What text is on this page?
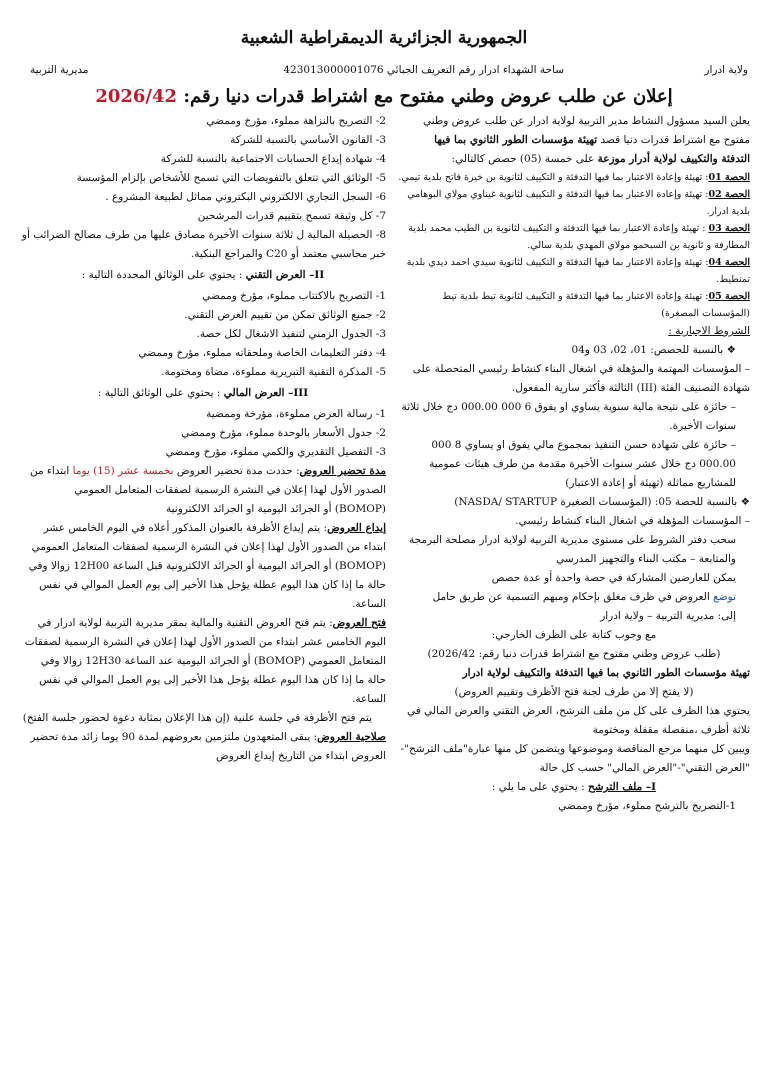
الجمهورية الجزائرية الديمقراطية الشعبية
ولاية ادرار
ساحة الشهداء ادرار رقم التعريف الجبائي 423013000001076
مديرية التربية
إعلان عن طلب عروض وطني مفتوح مع اشتراط قدرات دنيا رقم: 2026/42

يعلن السيد مسؤول النشاط مدير التربية لولاية ادرار عن طلب عروض وطني

مفتوح مع اشتراط قدرات دنيا قصد تهيئة مؤسسات الطور الثانوي بما فيها

التدفئة والتكييف لولاية أدرار موزعة على خمسة (05) حصص كالتالي:

الحصة 01: تهيئة وإعادة الاعتبار بما فيها التدفئة و التكييف لثانوية بن خيرة فاتح بلدية تيمي.

الحصة 02: تهيئة وإعادة الاعتبار بما فيها التدفئة و التكييف لثانوية غيناوي مولاي البوهامي بلدية ادرار.

الحصة 03 : تهيئة وإعادة الاعتبار بما فيها التدفئة و التكييف لثانوية بن الطيب محمد بلدية المطارفة و ثانوية بن السبحمو مولاي المهدي بلدية سالي.

الحصة 04: تهيئة وإعادة الاعتبار بما فيها التدفئة و التكييف لثانوية سيدي احمد ديدي بلدية تمنطيط.

الحصة 05: تهيئة وإعادة الاعتبار بما فيها التدفئة و التكييف لثانوية تيط بلدية تيط (المؤسسات المصغرة)

الشروط الاجبارية :

❖ بالنسبة للحصص: 01، 02، 03 و04

– المؤسسات المهتمة والمؤهلة في اشغال البناء كنشاط رئيسي المتحصلة على شهادة التصنيف الفئة (III) الثالثة فأكثر سارية المفعول.

– حائزة على نتيجة مالية سنوية يساوي او يفوق 6 000 000.00 دج خلال ثلاثة سنوات الأخيرة.

– حائزة على شهادة حسن التنفيذ بمجموع مالي يفوق او يساوي 8 000 000.00 دج خلال عشر سنوات الأخيرة مقدمة من طرف هيئات عمومية للمشاريع مماثلة (تهيئة أو إعادة الاعتبار)

❖ بالنسبة للحصة 05: (المؤسسات الصغيرة NASDA/ STARTUP)

– المؤسسات المؤهلة في اشغال البناء كنشاط رئيسي.

سحب دفتر الشروط على مستوى مديرية التربية لولاية ادرار مصلحة البرمجة والمتابعة – مكتب البناء والتجهيز المدرسي

يمكن للعارضين المشاركة في حصة واحدة أو عدة حصص

توضع العروض في ظرف مغلق بإحكام ومبهم التسمية عن طريق حامل

إلى: مديرية التربية – ولاية ادرار

مع وجوب كتابة على الظرف الخارجي:

(طلب عروض وطني مفتوح مع اشتراط قدرات دنيا رقم: 2026/42)

تهيئة مؤسسات الطور الثانوي بما فيها التدفئة والتكييف لولاية ادرار

(لا يفتح إلا من طرف لجنة فتح الأظرف وتقييم العروض)

يحتوي هذا الظرف على كل من ملف الترشح، العرض التقني والعرض المالي في ثلاثة أظرف ،منفصلة مقفلة ومختومة

ويبين كل منهما مرجع المناقصة وموضوعها ويتضمن كل منها عبارة"ملف الترشح"-"العرض التقني"-"العرض المالي" حسب كل حالة

I– ملف الترشح : يحتوي على ما يلي :

1-التصريح بالترشح مملوء، مؤرخ وممضي

2- التصريح بالنزاهة مملوء، مؤرخ وممضي

3- القانون الأساسي بالنسبة للشركة

4- شهادة إيداع الحسابات الاجتماعية بالنسبة للشركة

5- الوثائق التي تتعلق بالتفويضات التي تسمح للأشخاص بإلزام المؤسسة

6- السجل التجاري الالكتروني البكتروني مماثل لطبيعة المشروع .

7- كل وثيقة تسمح بتقييم قدرات المرشحين

8- الحصيلة المالية ل ثلاثة سنوات الأخيرة مصادق عليها من طرف مصالح الضرائب أو خبر محاسبي معتمد أو C20 والمراجع البنكية.

II– العرض التقني : يحتوي على الوثائق المحددة التالية :

1- التصريح بالاكتتاب مملوء، مؤرخ وممضي

2- جميع الوثائق تمكن من تقييم العرض التقني.

3- الجدول الزمني لتنفيذ الاشغال لكل حصة.

4- دفتر التعليمات الخاصة وملحقاته مملوء، مؤرخ وممضي

5- المذكرة التقنية التبريرية مملوءة، مضاة ومختومة.

III– العرض المالي : يحتوي على الوثائق التالية :

1- رسالة العرض مملوءة، مؤرخة وممضية

2- جدول الأسعار بالوحدة مملوء، مؤرخ وممضي

3- التفصيل التقديري والكمي مملوء، مؤرخ وممضي

مدة تحضير العروض: حددت مدة تحضير العروض بخمسة عشر (15) يوما ابتداء من الصدور الأول لهذا إعلان في النشرة الرسمية لصفقات المتعامل العمومي (BOMOP) أو الجرائد اليومية او الجرائد الالكترونية

إيداع العروض: يتم إيداع الأظرفة بالعنوان المذكور أعلاه في اليوم الخامس عشر ابتداء من الصدور الأول لهذا إعلان في النشرة الرسمية لصفقات المتعامل العمومي (BOMOP) أو الجرائد اليومية أو الجرائد الالكترونية قبل الساعة 12H00 زوالا وفي حالة ما إذا كان هذا اليوم عطلة يؤجل هذا الأخير إلى يوم العمل الموالي في نفس الساعة.

فتح العروض: يتم فتح العروض التقنية والمالية بمقر مديرية التربية لولاية ادرار في اليوم الخامس عشر ابتداء من الصدور الأول لهذا إعلان في النشرة الرسمية لصفقات المتعامل العمومي (BOMOP) أو الجرائد اليومية عند الساعة 12H30 زوالا وفي حالة ما إذا كان هذا اليوم عطلة يؤجل هذا الأخير إلى يوم العمل الموالي في نفس الساعة.

يتم فتح الأظرفة في جلسة علنية (إن هذا الإعلان بمثابة دعوة لحضور جلسة الفتح)

صلاحية العروض: يبقى المتعهدون ملتزمين بعروضهم لمدة 90 يوما زائد مدة تحضير العروض ابتداء من التاريخ إيداع العروض
